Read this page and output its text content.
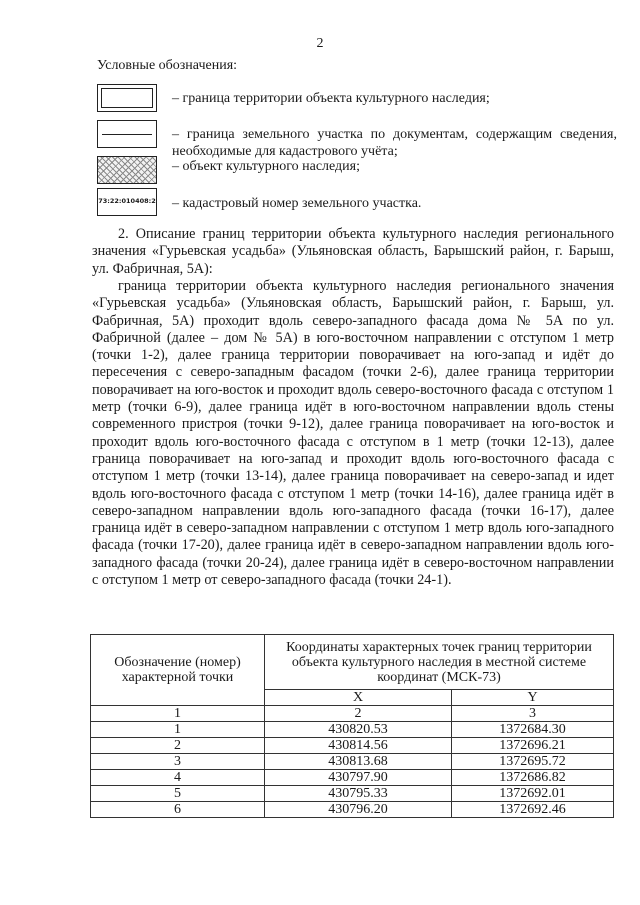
2
Условные обозначения:
– граница территории объекта культурного наследия;
– граница земельного участка по документам, содержащим сведения, необходимые для кадастрового учёта;
– объект культурного наследия;
73:22:010408:2 – кадастровый номер земельного участка.

2. Описание границ территории объекта культурного наследия регионального значения «Гурьевская усадьба» (Ульяновская область, Барышский район, г. Барыш, ул. Фабричная, 5А):

граница территории объекта культурного наследия регионального значения «Гурьевская усадьба» (Ульяновская область, Барышский район, г. Барыш, ул. Фабричная, 5А) проходит вдоль северо-западного фасада дома № 5А по ул. Фабричной (далее – дом № 5А) в юго-восточном направлении с отступом 1 метр (точки 1-2), далее граница территории поворачивает на юго-запад и идёт до пересечения с северо-западным фасадом (точки 2-6), далее граница территории поворачивает на юго-восток и проходит вдоль северо-восточного фасада с отступом 1 метр (точки 6-9), далее граница идёт в юго-восточном направлении вдоль стены современного пристроя (точки 9-12), далее граница поворачивает на юго-восток и проходит вдоль юго-восточного фасада с отступом в 1 метр (точки 12-13), далее граница поворачивает на юго-запад и проходит вдоль юго-восточного фасада с отступом 1 метр (точки 13-14), далее граница поворачивает на северо-запад и идет вдоль юго-восточного фасада с отступом 1 метр (точки 14-16), далее граница идёт в северо-западном направлении вдоль юго-западного фасада (точки 16-17), далее граница идёт в северо-западном направлении с отступом 1 метр вдоль юго-западного фасада (точки 17-20), далее граница идёт в северо-западном направлении вдоль юго-западного фасада (точки 20-24), далее граница идёт в северо-восточном направлении с отступом 1 метр от северо-западного фасада (точки 24-1).

Обозначение (номер) характерной точки	Координаты характерных точек границ территории объекта культурного наследия в местной системе координат (МСК-73)	
	X	Y
1	2	3
1	430820.53	1372684.30
2	430814.56	1372696.21
3	430813.68	1372695.72
4	430797.90	1372686.82
5	430795.33	1372692.01
6	430796.20	1372692.46
